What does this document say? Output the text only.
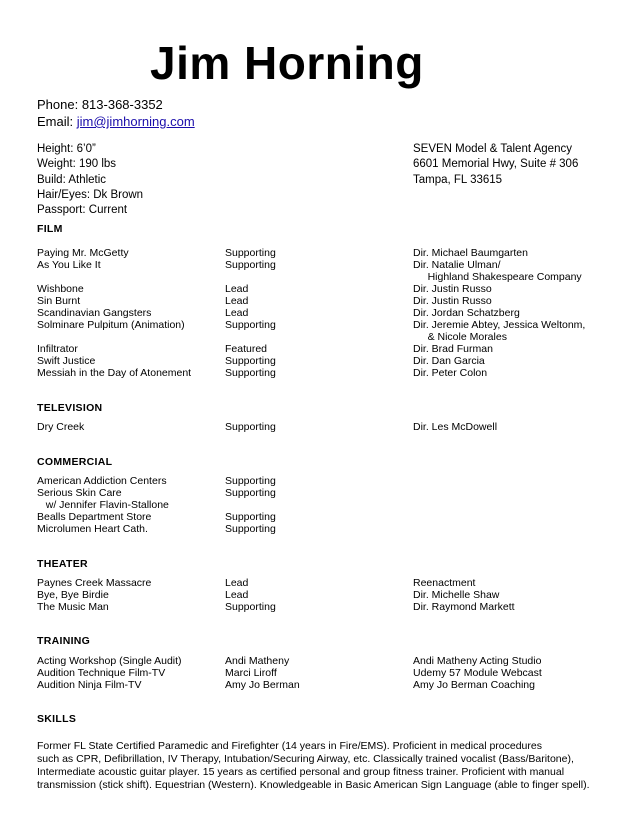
Jim Horning
Phone: 813-368-3352
Email: jim@jimhorning.com
Height: 6’0”
Weight: 190 lbs
Build: Athletic
Hair/Eyes: Dk Brown
Passport: Current
SEVEN Model & Talent Agency
6601 Memorial Hwy, Suite # 306
Tampa, FL 33615
FILM
Paying Mr. McGetty	Supporting	Dir. Michael Baumgarten
As You Like It	Supporting	Dir. Natalie Ulman/
Highland Shakespeare Company
Wishbone	Lead	Dir. Justin Russo
Sin Burnt	Lead	Dir. Justin Russo
Scandinavian Gangsters	Lead	Dir. Jordan Schatzberg
Solminare Pulpitum (Animation)	Supporting	Dir. Jeremie Abtey, Jessica Weltonm,
& Nicole Morales
Infiltrator	Featured	Dir. Brad Furman
Swift Justice	Supporting	Dir. Dan Garcia
Messiah in the Day of Atonement	Supporting	Dir. Peter Colon
TELEVISION
Dry Creek	Supporting	Dir. Les McDowell
COMMERCIAL
American Addiction Centers	Supporting
Serious Skin Care	Supporting
w/ Jennifer Flavin-Stallone
Bealls Department Store	Supporting
Microlumen Heart Cath.	Supporting
THEATER
Paynes Creek Massacre	Lead	Reenactment
Bye, Bye Birdie	Lead	Dir. Michelle Shaw
The Music Man	Supporting	Dir. Raymond Markett
TRAINING
Acting Workshop (Single Audit)	Andi Matheny	Andi Matheny Acting Studio
Audition Technique Film-TV	Marci Liroff	Udemy 57 Module Webcast
Audition Ninja Film-TV	Amy Jo Berman	Amy Jo Berman Coaching
SKILLS
Former FL State Certified Paramedic and Firefighter (14 years in Fire/EMS). Proficient in medical procedures
such as CPR, Defibrillation, IV Therapy, Intubation/Securing Airway, etc. Classically trained vocalist (Bass/Baritone),
Intermediate acoustic guitar player. 15 years as certified personal and group fitness trainer. Proficient with manual
transmission (stick shift). Equestrian (Western). Knowledgeable in Basic American Sign Language (able to finger spell).
